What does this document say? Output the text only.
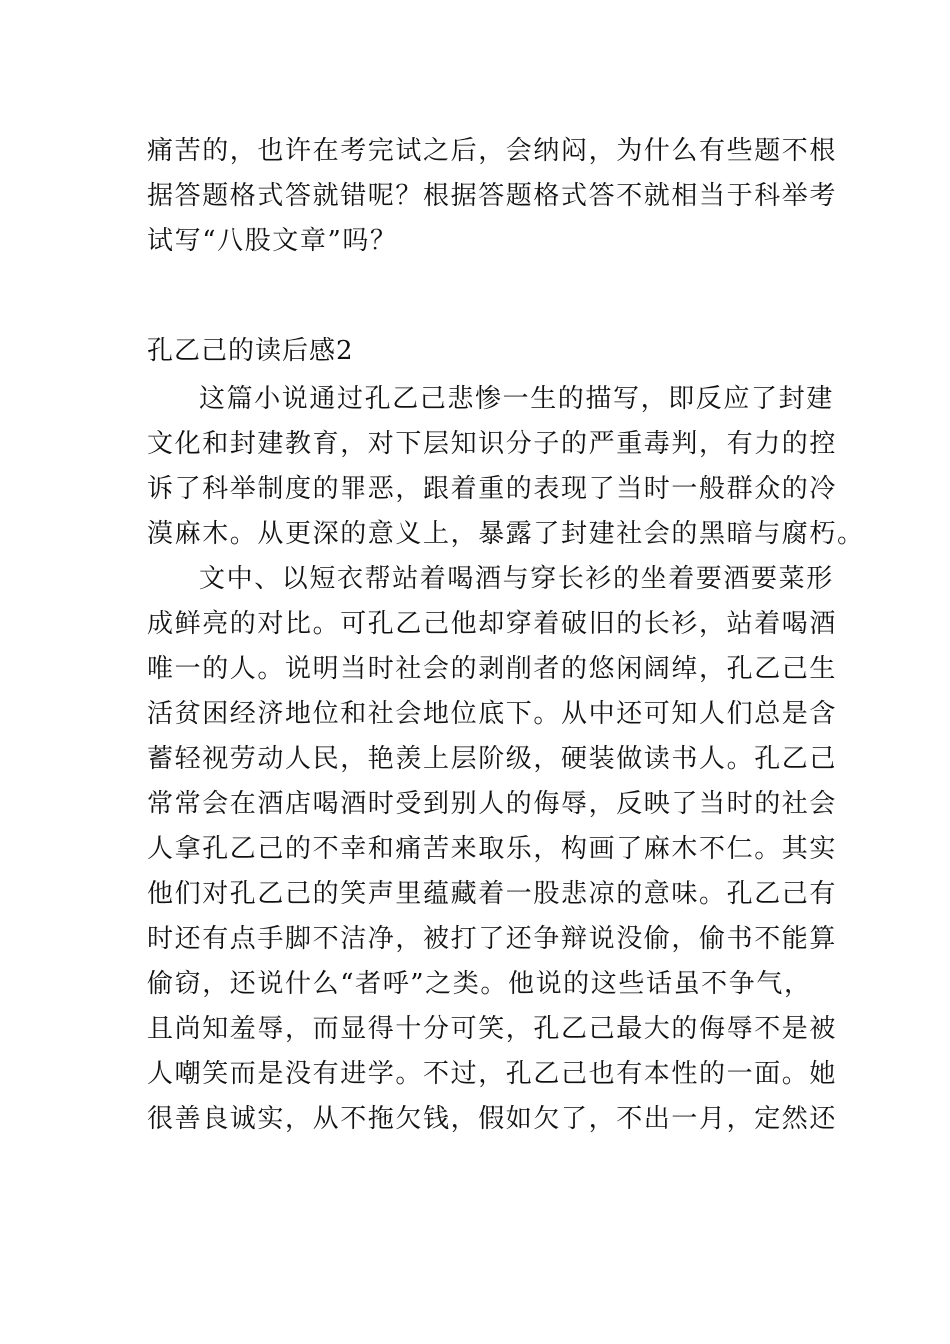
痛苦的，也许在考完试之后，会纳闷，为什么有些题不根
据答题格式答就错呢？根据答题格式答不就相当于科举考
试写“八股文章”吗？
孔乙己的读后感2
这篇小说通过孔乙己悲惨一生的描写，即反应了封建
文化和封建教育，对下层知识分子的严重毒判，有力的控
诉了科举制度的罪恶，跟着重的表现了当时一般群众的冷
漠麻木。从更深的意义上，暴露了封建社会的黑暗与腐朽。
文中、以短衣帮站着喝酒与穿长衫的坐着要酒要菜形
成鲜亮的对比。可孔乙己他却穿着破旧的长衫，站着喝酒
唯一的人。说明当时社会的剥削者的悠闲阔绰，孔乙己生
活贫困经济地位和社会地位底下。从中还可知人们总是含
蓄轻视劳动人民，艳羡上层阶级，硬装做读书人。孔乙己
常常会在酒店喝酒时受到别人的侮辱，反映了当时的社会
人拿孔乙己的不幸和痛苦来取乐，构画了麻木不仁。其实
他们对孔乙己的笑声里蕴藏着一股悲凉的意味。孔乙己有
时还有点手脚不洁净，被打了还争辩说没偷，偷书不能算
偷窃，还说什么“者呼”之类。他说的这些话虽不争气，
且尚知羞辱，而显得十分可笑，孔乙己最大的侮辱不是被
人嘲笑而是没有进学。不过，孔乙己也有本性的一面。她
很善良诚实，从不拖欠钱，假如欠了，不出一月，定然还
